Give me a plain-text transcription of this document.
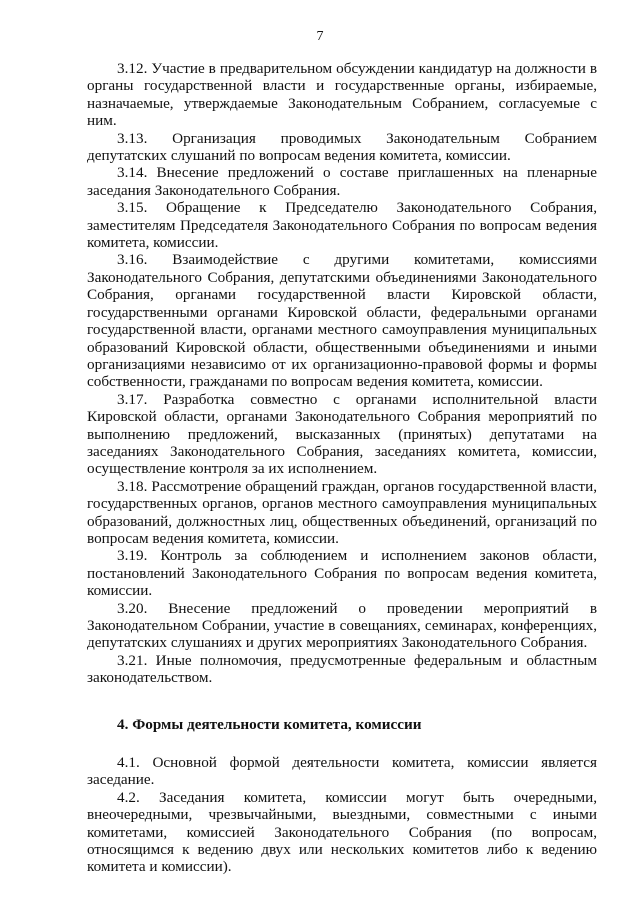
7

3.12. Участие в предварительном обсуждении кандидатур на должности в органы государственной власти и государственные органы, избираемые, назначаемые, утверждаемые Законодательным Собранием, согласуемые с ним.

3.13. Организация проводимых Законодательным Собранием депутатских слушаний по вопросам ведения комитета, комиссии.

3.14. Внесение предложений о составе приглашенных на пленарные заседания Законодательного Собрания.

3.15. Обращение к Председателю Законодательного Собрания, заместителям Председателя Законодательного Собрания по вопросам ведения комитета, комиссии.

3.16. Взаимодействие с другими комитетами, комиссиями Законодательного Собрания, депутатскими объединениями Законодательного Собрания, органами государственной власти Кировской области, государственными органами Кировской области, федеральными органами государственной власти, органами местного самоуправления муниципальных образований Кировской области, общественными объединениями и иными организациями независимо от их организационно-правовой формы и формы собственности, гражданами по вопросам ведения комитета, комиссии.

3.17. Разработка совместно с органами исполнительной власти Кировской области, органами Законодательного Собрания мероприятий по выполнению предложений, высказанных (принятых) депутатами на заседаниях Законодательного Собрания, заседаниях комитета, комиссии, осуществление контроля за их исполнением.

3.18. Рассмотрение обращений граждан, органов государственной власти, государственных органов, органов местного самоуправления муниципальных образований, должностных лиц, общественных объединений, организаций по вопросам ведения комитета, комиссии.

3.19. Контроль за соблюдением и исполнением законов области, постановлений Законодательного Собрания по вопросам ведения комитета, комиссии.

3.20. Внесение предложений о проведении мероприятий в Законодательном Собрании, участие в совещаниях, семинарах, конференциях, депутатских слушаниях и других мероприятиях Законодательного Собрания.

3.21. Иные полномочия, предусмотренные федеральным и областным законодательством.

4. Формы деятельности комитета, комиссии

4.1. Основной формой деятельности комитета, комиссии является заседание.

4.2. Заседания комитета, комиссии могут быть очередными, внеочередными, чрезвычайными, выездными, совместными с иными комитетами, комиссией Законодательного Собрания (по вопросам, относящимся к ведению двух или нескольких комитетов либо к ведению комитета и комиссии).
